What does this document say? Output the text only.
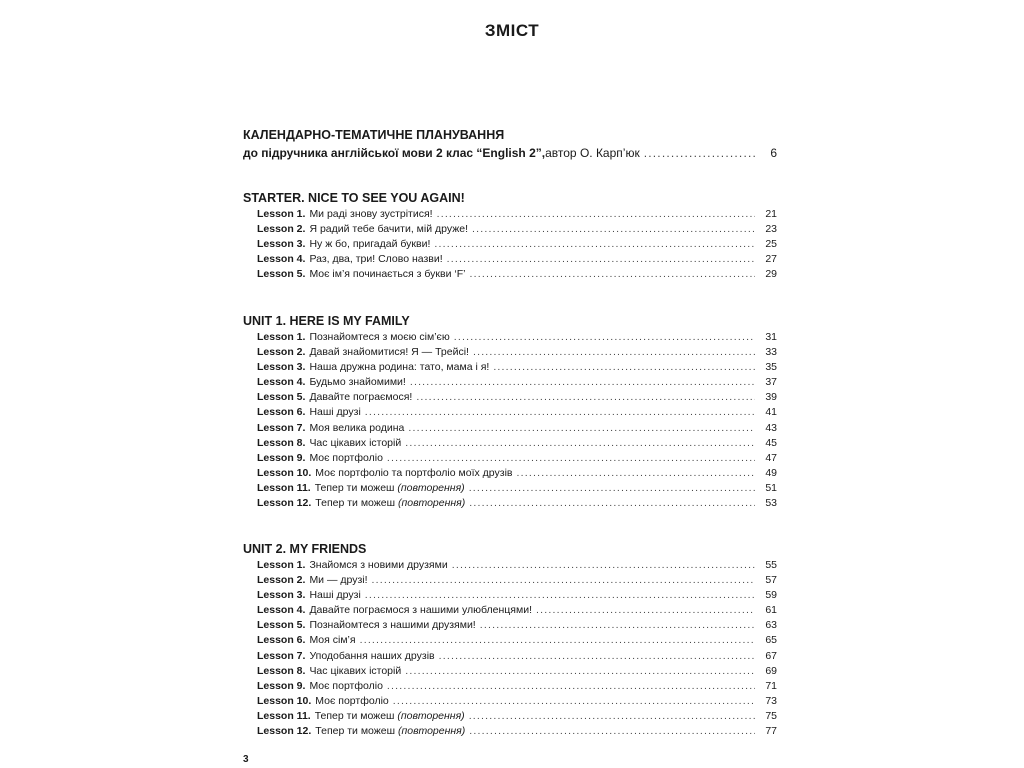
ЗМІСТ
КАЛЕНДАРНО-ТЕМАТИЧНЕ ПЛАНУВАННЯ
до підручника англійської мови 2 клас “English 2”, автор О. Карп’юк .....	6
STARTER. NICE TO SEE YOU AGAIN!
Lesson 1. Ми раді знову зустрітися! .....	21
Lesson 2. Я радий тебе бачити, мій друже! .....	23
Lesson 3. Ну ж бо, пригадай букви! .....	25
Lesson 4. Раз, два, три! Слово назви! .....	27
Lesson 5. Моє ім’я починається з букви ‘F’ .....	29
UNIT 1. HERE IS MY FAMILY
Lesson 1. Познайомтеся з моєю сім’єю .....	31
Lesson 2. Давай знайомитися! Я — Трейсі! .....	33
Lesson 3. Наша дружна родина: тато, мама і я! .....	35
Lesson 4. Будьмо знайомими! .....	37
Lesson 5. Давайте пограємося! .....	39
Lesson 6. Наші друзі .....	41
Lesson 7. Моя велика родина .....	43
Lesson 8. Час цікавих історій .....	45
Lesson 9. Моє портфоліо .....	47
Lesson 10. Моє портфоліо та портфоліо моїх друзів .....	49
Lesson 11. Тепер ти можеш (повторення) .....	51
Lesson 12. Тепер ти можеш (повторення) .....	53
UNIT 2. MY FRIENDS
Lesson 1. Знайомся з новими друзями .....	55
Lesson 2. Ми — друзі! .....	57
Lesson 3. Наші друзі .....	59
Lesson 4. Давайте пограємося з нашими улюбленцями! .....	61
Lesson 5. Познайомтеся з нашими друзями! .....	63
Lesson 6. Моя сім’я .....	65
Lesson 7. Уподобання наших друзів .....	67
Lesson 8. Час цікавих історій .....	69
Lesson 9. Моє портфоліо .....	71
Lesson 10. Моє портфоліо .....	73
Lesson 11. Тепер ти можеш (повторення) .....	75
Lesson 12. Тепер ти можеш (повторення) .....	77
3
